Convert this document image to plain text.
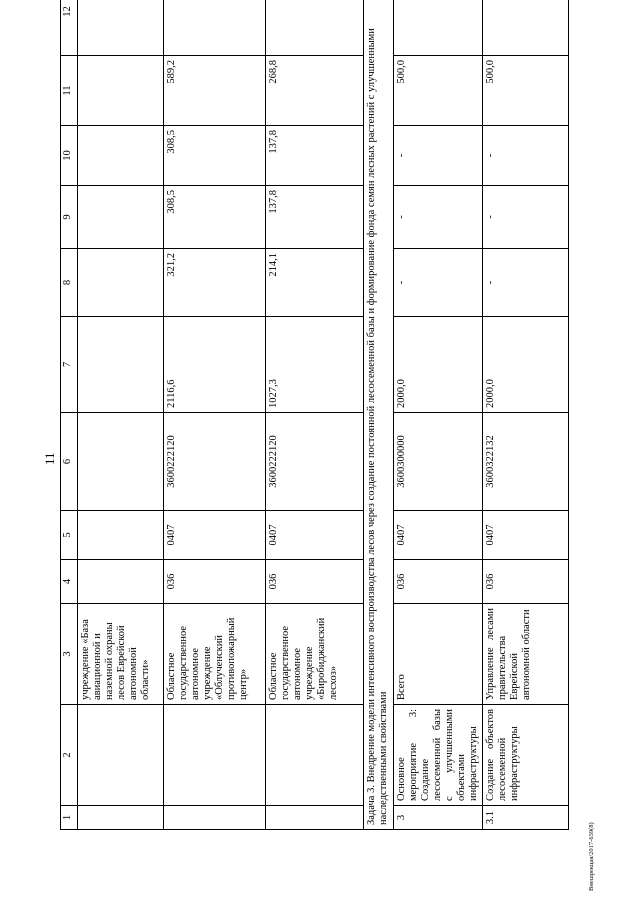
11
1	2	3	4	5	6	7	8	9	10	11	12
		учреждение «База авиационной и наземной охраны лесов Еврейской автономной области»									
		Областное государственное автономное учреждение «Облученский противопожарный центр»	036	0407	3600222120	2116,6	321,2	308,5	308,5	589,2	
		Областное государственное автономное учреждение «Биробиджанский лесхоз»	036	0407	3600222120	1027,3	214,1	137,8	137,8	268,8	
Задача 3. Внедрение модели интенсивного воспроизводства лесов через создание постоянной лесосеменной базы и формирование фонда семян лесных растений с улучшенными наследственными свойствами											
3	Основное мероприятие 3: Создание лесосеменной базы с улучшенными объектами инфраструктуры	Всего	036	0407	3600300000	2000,0	-	-	-	500,0	
3.1	Создание объектов лесосеменной инфраструктуры	Управление лесами правительства Еврейской автономной области	036	0407	3600322132	2000,0	-	-	-	500,0	
Внешрекцая/2017-639(8)
